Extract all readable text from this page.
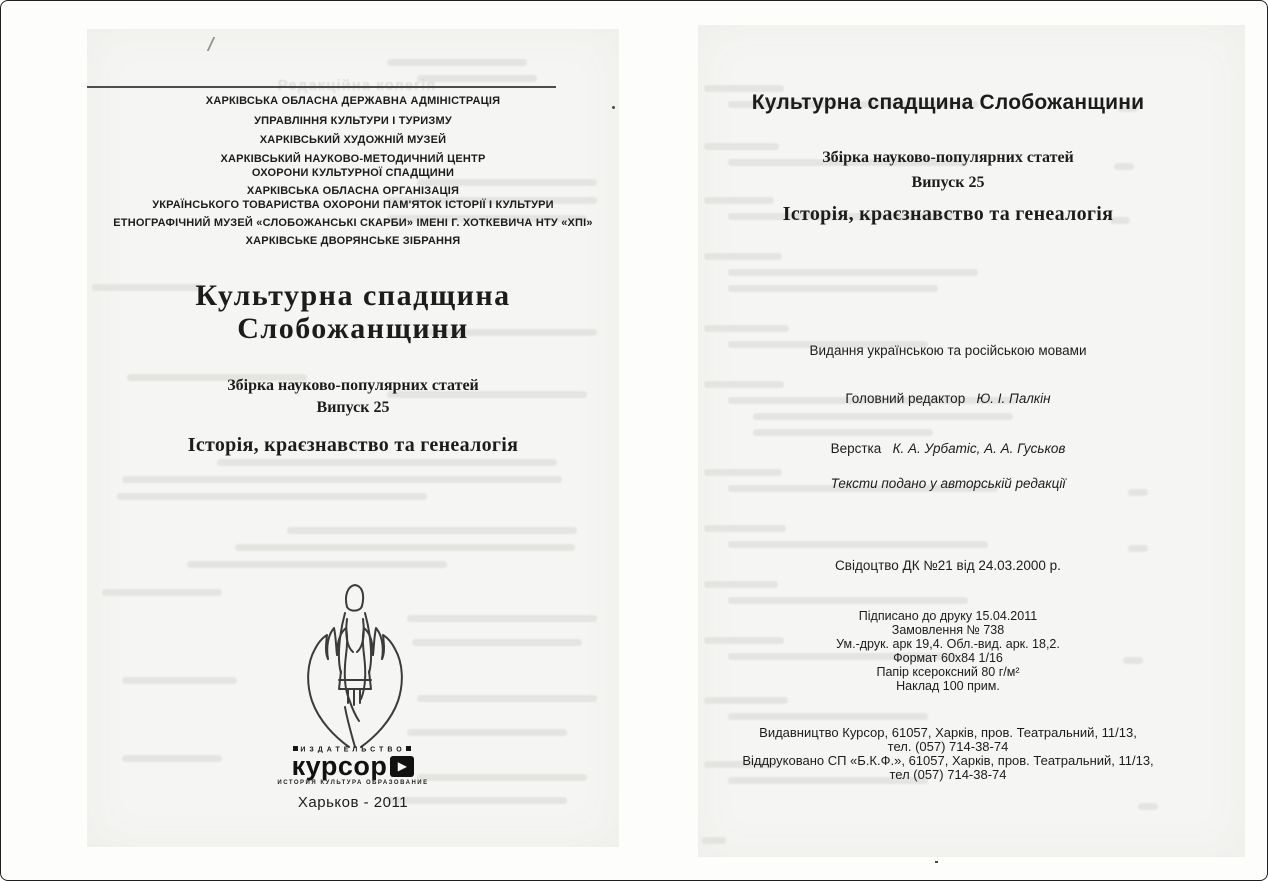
ХАРКІВСЬКА ОБЛАСНА ДЕРЖАВНА АДМІНІСТРАЦІЯ
УПРАВЛІННЯ КУЛЬТУРИ І ТУРИЗМУ
ХАРКІВСЬКИЙ ХУДОЖНІЙ МУЗЕЙ
ХАРКІВСЬКИЙ НАУКОВО-МЕТОДИЧНИЙ ЦЕНТР
ОХОРОНИ КУЛЬТУРНОЇ СПАДЩИНИ
ХАРКІВСЬКА ОБЛАСНА ОРГАНІЗАЦІЯ
УКРАЇНСЬКОГО ТОВАРИСТВА ОХОРОНИ ПАМ'ЯТОК ІСТОРІЇ І КУЛЬТУРИ
ЕТНОГРАФІЧНИЙ МУЗЕЙ «СЛОБОЖАНСЬКІ СКАРБИ» ІМЕНІ Г. ХОТКЕВИЧА НТУ «ХПІ»
ХАРКІВСЬКЕ ДВОРЯНСЬКЕ ЗІБРАННЯ
Культурна спадщина
Слобожанщини
Збірка науково-популярних статей
Випуск 25
Історія, краєзнавство та генеалогія
ИЗДАТЕЛЬСТВО
курсор ▶
ИСТОРИЯ КУЛЬТУРА ОБРАЗОВАНИЕ
Харьков - 2011
Культурна спадщина Слобожанщини
Збірка науково-популярних статей
Випуск 25
Історія, краєзнавство та генеалогія
Видання українською та російською мовами
Головний редактор Ю. І. Палкін
Верстка К. А. Урбатіс, А. А. Гуськов
Тексти подано у авторській редакції
Свідоцтво ДК №21 від 24.03.2000 р.
Підписано до друку 15.04.2011
Замовлення № 738
Ум.-друк. арк 19,4. Обл.-вид. арк. 18,2.
Формат 60х84 1/16
Папір ксероксний 80 г/м²
Наклад 100 прим.
Видавництво Курсор, 61057, Харків, пров. Театральний, 11/13,
тел. (057) 714-38-74
Віддруковано СП «Б.К.Ф.», 61057, Харків, пров. Театральний, 11/13,
тел (057) 714-38-74
